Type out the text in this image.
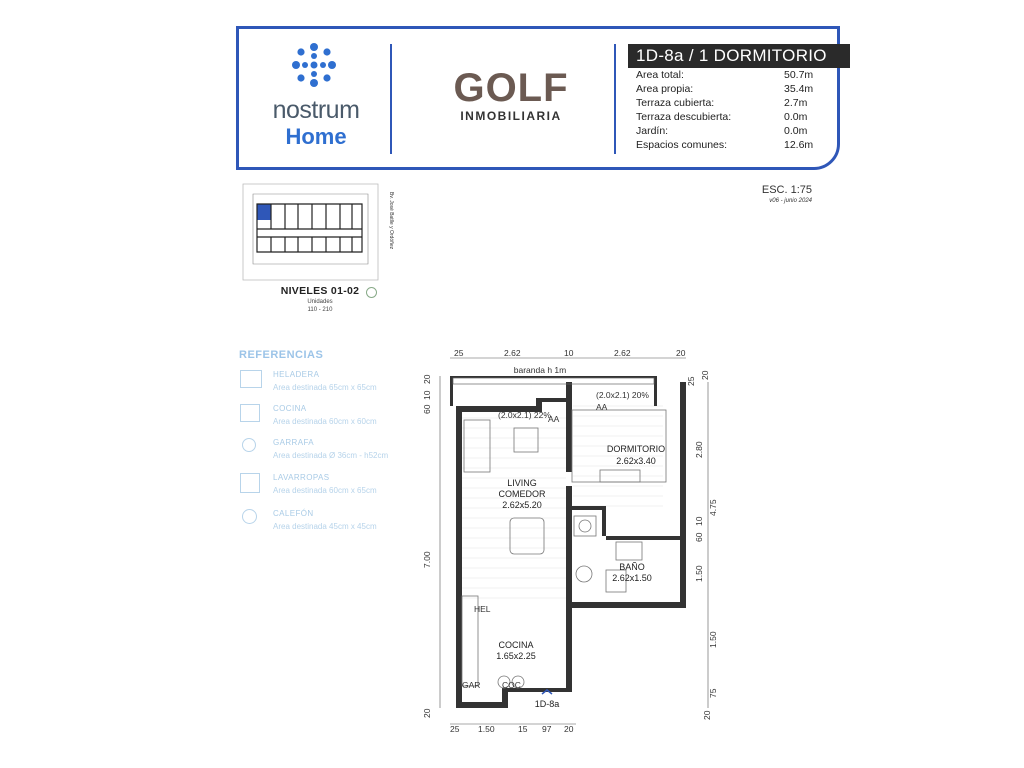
nostrum
Home
GOLF
INMOBILIARIA
1D-8a / 1 DORMITORIO
Area total:	50.7m
Area propia:	35.4m
Terraza cubierta:	2.7m
Terraza descubierta:	0.0m
Jardín:	0.0m
Espacios comunes:	12.6m
ESC. 1:75
v06 - junio 2024
Bv. José Batlle y Ordóñez
NIVELES 01-02
Unidades
110 - 210
REFERENCIAS
HELADERA
Area destinada 65cm x 65cm
COCINA
Area destinada 60cm x 60cm
GARRAFA
Area destinada Ø 36cm - h52cm
LAVARROPAS
Area destinada 60cm x 65cm
CALEFÓN
Area destinada 45cm x 45cm
baranda h 1m
(2.0x2.1) 22%
(2.0x2.1) 20%
AA
AA
HEL
COC
GAR
DORMITORIO
2.62x3.40
LIVING
COMEDOR
2.62x5.20
BAÑO
2.62x1.50
COCINA
1.65x2.25
1D-8a
25	2.62	10	2.62	20
25 1.50	15 97 20
20
10
60
7.00
20
25
20
2.80
10
60
4.75
1.50
1.50
20
75
